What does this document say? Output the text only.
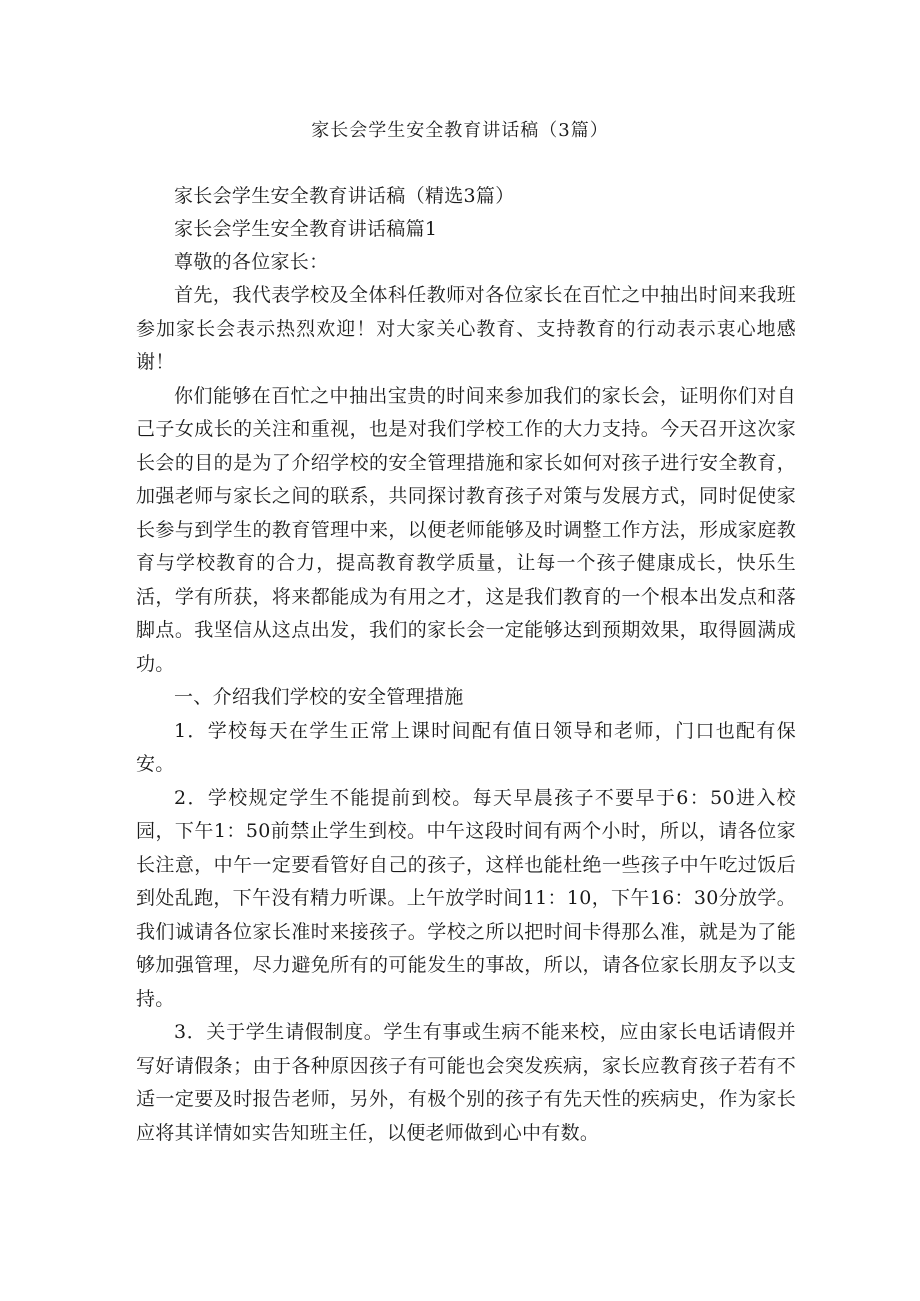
家长会学生安全教育讲话稿（3篇）

家长会学生安全教育讲话稿（精选3篇）

家长会学生安全教育讲话稿篇1

尊敬的各位家长：

首先，我代表学校及全体科任教师对各位家长在百忙之中抽出时间来我班参加家长会表示热烈欢迎！对大家关心教育、支持教育的行动表示衷心地感谢！

你们能够在百忙之中抽出宝贵的时间来参加我们的家长会，证明你们对自己子女成长的关注和重视，也是对我们学校工作的大力支持。今天召开这次家长会的目的是为了介绍学校的安全管理措施和家长如何对孩子进行安全教育，加强老师与家长之间的联系，共同探讨教育孩子对策与发展方式，同时促使家长参与到学生的教育管理中来，以便老师能够及时调整工作方法，形成家庭教育与学校教育的合力，提高教育教学质量，让每一个孩子健康成长，快乐生活，学有所获，将来都能成为有用之才，这是我们教育的一个根本出发点和落脚点。我坚信从这点出发，我们的家长会一定能够达到预期效果，取得圆满成功。

一、介绍我们学校的安全管理措施

1．学校每天在学生正常上课时间配有值日领导和老师，门口也配有保安。

2．学校规定学生不能提前到校。每天早晨孩子不要早于6：50进入校园，下午1：50前禁止学生到校。中午这段时间有两个小时，所以，请各位家长注意，中午一定要看管好自己的孩子，这样也能杜绝一些孩子中午吃过饭后到处乱跑，下午没有精力听课。上午放学时间11：10，下午16：30分放学。我们诚请各位家长准时来接孩子。学校之所以把时间卡得那么准，就是为了能够加强管理，尽力避免所有的可能发生的事故，所以，请各位家长朋友予以支持。

3．关于学生请假制度。学生有事或生病不能来校，应由家长电话请假并写好请假条；由于各种原因孩子有可能也会突发疾病，家长应教育孩子若有不适一定要及时报告老师，另外，有极个别的孩子有先天性的疾病史，作为家长应将其详情如实告知班主任，以便老师做到心中有数。
